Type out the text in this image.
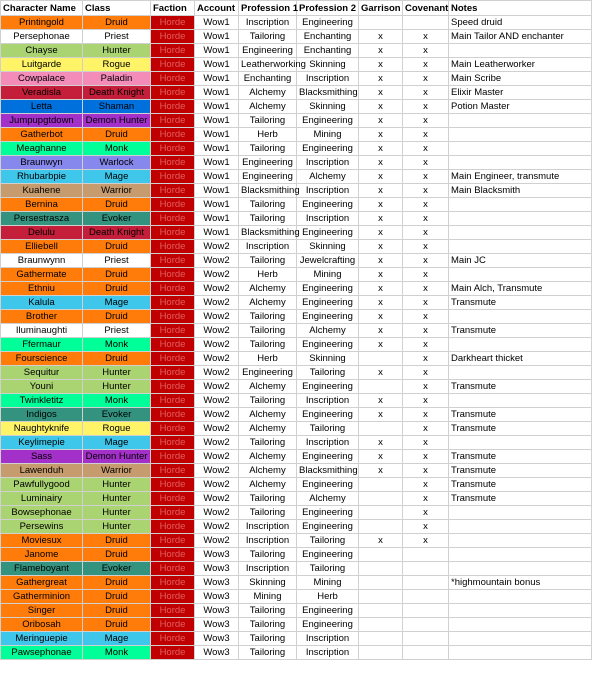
Character Name	Class	Faction	Account	Profession 1	Profession 2	Garrison	Covenant	Notes
Printingold	Druid	Horde	Wow1	Inscription	Engineering			Speed druid
Persephonae	Priest	Horde	Wow1	Tailoring	Enchanting	x	x	Main Tailor AND enchanter
Chayse	Hunter	Horde	Wow1	Engineering	Enchanting	x	x	
Luitgarde	Rogue	Horde	Wow1	Leatherworking	Skinning	x	x	Main Leatherworker
Cowpalace	Paladin	Horde	Wow1	Enchanting	Inscription	x	x	Main Scribe
Veradisla	Death Knight	Horde	Wow1	Alchemy	Blacksmithing	x	x	Elixir Master
Letta	Shaman	Horde	Wow1	Alchemy	Skinning	x	x	Potion Master
Jumpupgtdown	Demon Hunter	Horde	Wow1	Tailoring	Engineering	x	x	
Gatherbot	Druid	Horde	Wow1	Herb	Mining	x	x	
Meaghanne	Monk	Horde	Wow1	Tailoring	Engineering	x	x	
Braunwyn	Warlock	Horde	Wow1	Engineering	Inscription	x	x	
Rhubarbpie	Mage	Horde	Wow1	Engineering	Alchemy	x	x	Main Engineer, transmute
Kuahene	Warrior	Horde	Wow1	Blacksmithing	Inscription	x	x	Main Blacksmith
Bernina	Druid	Horde	Wow1	Tailoring	Engineering	x	x	
Persestrasza	Evoker	Horde	Wow1	Tailoring	Inscription	x	x	
Delulu	Death Knight	Horde	Wow1	Blacksmithing	Engineering	x	x	
Elliebell	Druid	Horde	Wow2	Inscription	Skinning	x	x	
Braunwynn	Priest	Horde	Wow2	Tailoring	Jewelcrafting	x	x	Main JC
Gathermate	Druid	Horde	Wow2	Herb	Mining	x	x	
Ethniu	Druid	Horde	Wow2	Alchemy	Engineering	x	x	Main Alch, Transmute
Kalula	Mage	Horde	Wow2	Alchemy	Engineering	x	x	Transmute
Brother	Druid	Horde	Wow2	Tailoring	Engineering	x	x	
Iluminaughti	Priest	Horde	Wow2	Tailoring	Alchemy	x	x	Transmute
Ffermaur	Monk	Horde	Wow2	Tailoring	Engineering	x	x	
Fourscience	Druid	Horde	Wow2	Herb	Skinning		x	Darkheart thicket
Sequitur	Hunter	Horde	Wow2	Engineering	Tailoring	x	x	
Youni	Hunter	Horde	Wow2	Alchemy	Engineering		x	Transmute
Twinkletitz	Monk	Horde	Wow2	Tailoring	Inscription	x	x	
Indigos	Evoker	Horde	Wow2	Alchemy	Engineering	x	x	Transmute
Naughtyknife	Rogue	Horde	Wow2	Alchemy	Tailoring		x	Transmute
Keylimepie	Mage	Horde	Wow2	Tailoring	Inscription	x	x	
Sass	Demon Hunter	Horde	Wow2	Alchemy	Engineering	x	x	Transmute
Lawenduh	Warrior	Horde	Wow2	Alchemy	Blacksmithing	x	x	Transmute
Pawfullygood	Hunter	Horde	Wow2	Alchemy	Engineering		x	Transmute
Luminairy	Hunter	Horde	Wow2	Tailoring	Alchemy		x	Transmute
Bowsephonae	Hunter	Horde	Wow2	Tailoring	Engineering		x	
Persewins	Hunter	Horde	Wow2	Inscription	Engineering		x	
Moviesux	Druid	Horde	Wow2	Inscription	Tailoring	x	x	
Janome	Druid	Horde	Wow3	Tailoring	Engineering			
Flameboyant	Evoker	Horde	Wow3	Inscription	Tailoring			
Gathergreat	Druid	Horde	Wow3	Skinning	Mining			*highmountain bonus
Gatherminion	Druid	Horde	Wow3	Mining	Herb			
Singer	Druid	Horde	Wow3	Tailoring	Engineering			
Oribosah	Druid	Horde	Wow3	Tailoring	Engineering			
Meringuepie	Mage	Horde	Wow3	Tailoring	Inscription			
Pawsephonae	Monk	Horde	Wow3	Tailoring	Inscription			
